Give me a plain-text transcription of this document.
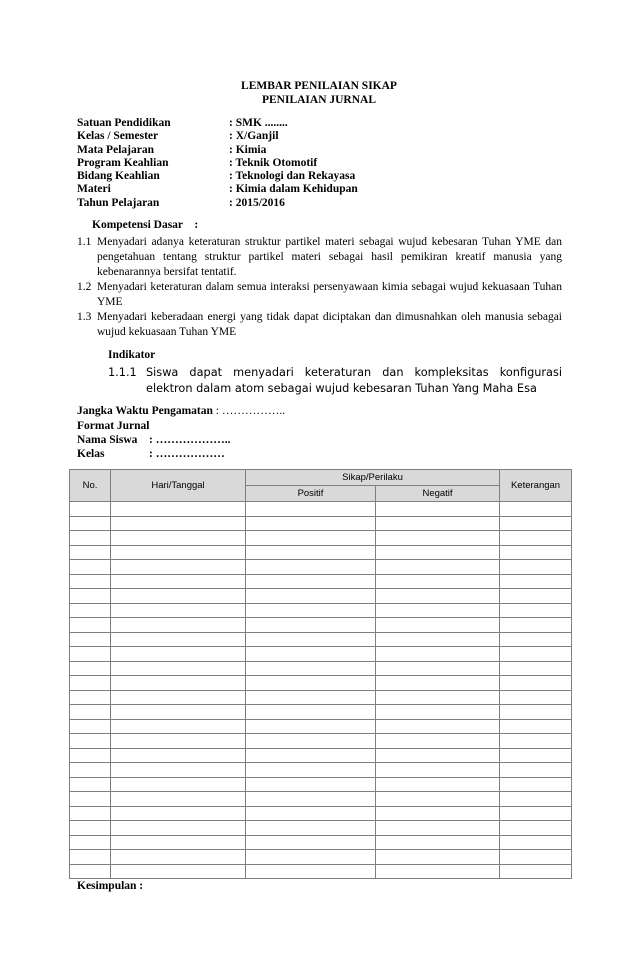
LEMBAR PENILAIAN SIKAP
PENILAIAN JURNAL
Satuan Pendidikan	: SMK ........
Kelas / Semester	: X/Ganjil
Mata Pelajaran	: Kimia
Program Keahlian	: Teknik Otomotif
Bidang Keahlian	: Teknologi dan Rekayasa
Materi	: Kimia dalam Kehidupan
Tahun Pelajaran	: 2015/2016
Kompetensi Dasar    :
1.1 Menyadari adanya keteraturan struktur partikel materi sebagai wujud kebesaran Tuhan YME dan pengetahuan tentang struktur partikel materi sebagai hasil pemikiran kreatif manusia yang kebenarannya bersifat tentatif.
1.2 Menyadari keteraturan dalam semua interaksi persenyawaan kimia sebagai wujud kekuasaan Tuhan YME
1.3 Menyadari keberadaan energi yang tidak dapat diciptakan dan dimusnahkan oleh manusia sebagai wujud kekuasaan Tuhan YME
Indikator
1.1.1 Siswa dapat menyadari keteraturan dan kompleksitas konfigurasi elektron dalam atom sebagai wujud kebesaran Tuhan Yang Maha Esa
Jangka Waktu Pengamatan : ……………..
Format Jurnal
Nama Siswa : ………………..
Kelas	: ………………
No.	Hari/Tanggal	Sikap/Perilaku		Keterangan
		Positif	Negatif	

Kesimpulan :
